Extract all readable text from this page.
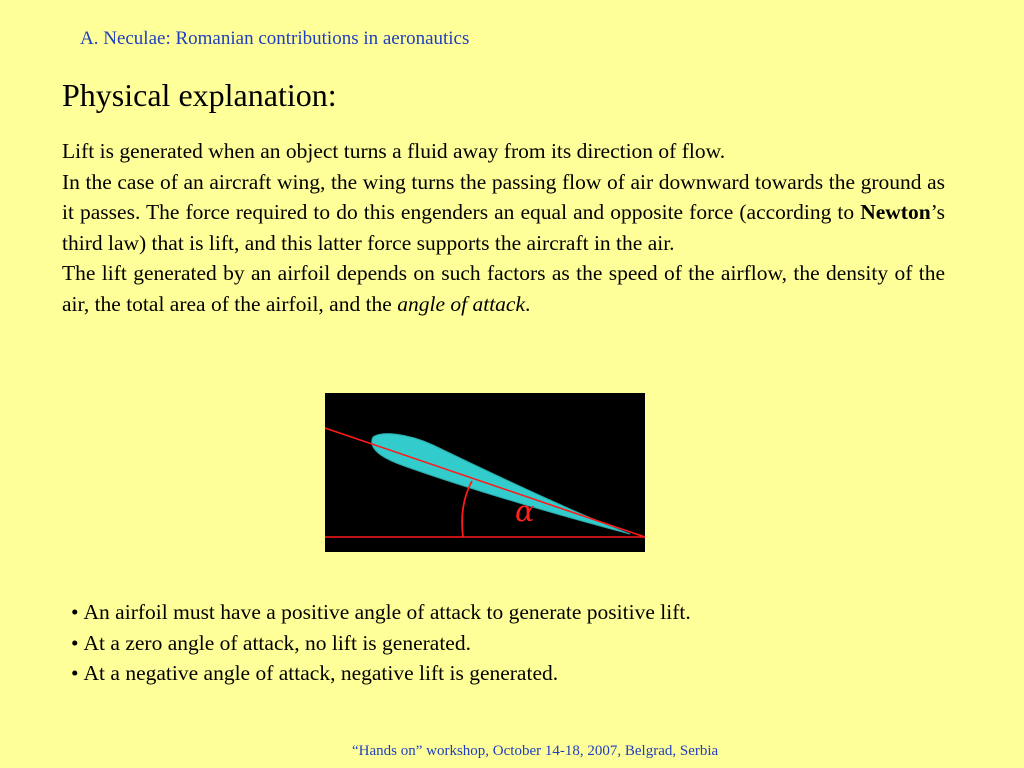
A. Neculae: Romanian contributions in aeronautics
Physical explanation:

Lift is generated when an object turns a fluid away from its direction of flow.

In the case of an aircraft wing, the wing turns the passing flow of air downward towards the ground as it passes. The force required to do this engenders an equal and opposite force (according to Newton’s third law) that is lift, and this latter force supports the aircraft in the air.

The lift generated by an airfoil depends on such factors as the speed of the airflow, the density of the air, the total area of the airfoil, and the angle of attack.

α
• An airfoil must have a positive angle of attack to generate positive lift.
• At a zero angle of attack, no lift is generated.
• At a negative angle of attack, negative lift is generated.
“Hands on” workshop, October 14-18, 2007, Belgrad, Serbia
